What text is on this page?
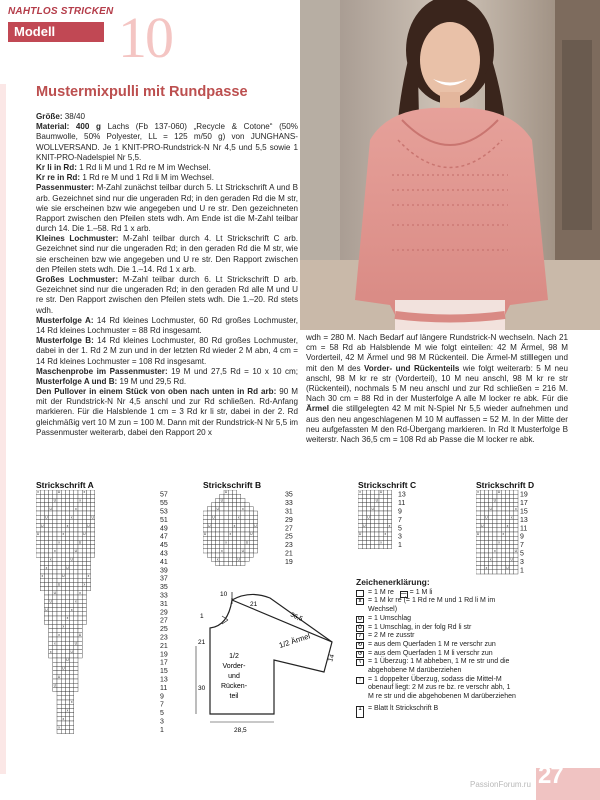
NAHTLOS STRICKEN
Modell 10
Mustermixpulli mit Rundpasse

Größe: 38/40

Material: 400 g Lachs (Fb 137-060) „Recycle & Cotone“ (50% Baumwolle, 50% Polyester, LL = 125 m/50 g) von JUNGHANS-WOLLVERSAND. Je 1 KNIT-PRO-Rundstrick-N Nr 4,5 und 5,5 sowie 1 KNIT-PRO-Nadelspiel Nr 5,5.

Kr li in Rd: 1 Rd li M und 1 Rd re M im Wechsel.

Kr re in Rd: 1 Rd re M und 1 Rd li M im Wechsel.

Passenmuster: M-Zahl zunächst teilbar durch 5. Lt Strickschrift A und B arb. Gezeichnet sind nur die ungeraden Rd; in den geraden Rd die M str, wie sie erscheinen bzw wie angegeben und U re str. Den gezeichneten Rapport zwischen den Pfeilen stets wdh. Am Ende ist die M-Zahl teilbar durch 14. Die 1.–58. Rd 1 x arb.

Kleines Lochmuster: M-Zahl teilbar durch 4. Lt Strickschrift C arb. Gezeichnet sind nur die ungeraden Rd; in den geraden Rd die M str, wie sie erscheinen bzw wie angegeben und U re str. Den Rapport zwischen den Pfeilen stets wdh. Die 1.–14. Rd 1 x arb.

Großes Lochmuster: M-Zahl teilbar durch 6. Lt Strickschrift D arb. Gezeichnet sind nur die ungeraden Rd; in den geraden Rd alle M und U re str. Den Rapport zwischen den Pfeilen stets wdh. Die 1.–20. Rd stets wdh.

Musterfolge A: 14 Rd kleines Lochmuster, 60 Rd großes Lochmuster, 14 Rd kleines Lochmuster = 88 Rd insgesamt.

Musterfolge B: 14 Rd kleines Lochmuster, 80 Rd großes Lochmuster, dabei in der 1. Rd 2 M zun und in der letzten Rd wieder 2 M abn, 4 cm = 14 Rd kleines Lochmuster = 108 Rd insgesamt.

Maschenprobe im Passenmuster: 19 M und 27,5 Rd = 10 x 10 cm; Musterfolge A und B: 19 M und 29,5 Rd.

Den Pullover in einem Stück von oben nach unten in Rd arb: 90 M mit der Rundstrick-N Nr 4,5 anschl und zur Rd schließen. Rd-Anfang markieren. Für die Halsblende 1 cm = 3 Rd kr li str, dabei in der 2. Rd gleichmäßig vert 10 M zun = 100 M. Dann mit der Rundstrick-N Nr 5,5 im Passenmuster weiterarb, dabei den Rapport 20 x

wdh = 280 M. Nach Bedarf auf längere Rundstrick-N wechseln. Nach 21 cm = 58 Rd ab Halsblende M wie folgt einteilen: 42 M Ärmel, 98 M Vorderteil, 42 M Ärmel und 98 M Rückenteil. Die Ärmel-M stilllegen und mit den M des Vorder- und Rückenteils wie folgt weiterarb: 5 M neu anschl, 98 M kr re str (Vorderteil), 10 M neu anschl, 98 M kr re str (Rückenteil), nochmals 5 M neu anschl und zur Rd schließen = 216 M. Nach 30 cm = 88 Rd in der Musterfolge A alle M locker re abk. Für die Ärmel die stillgelegten 42 M mit N-Spiel Nr 5,5 wieder aufnehmen und aus den neu angeschlagenen M 10 M auffassen = 52 M. In der Mitte der neu aufgefassten M den Rd-Übergang markieren. In Rd lt Musterfolge B weiterstr. Nach 36,5 cm = 108 Rd ab Passe die M locker re abk.

Strickschrift A	Strickschrift B	Strickschrift C	Strickschrift D
x	U	x
U	x
U	x
U	x	U
U	x	U
U	x	U
x	U
x	U
x	U
x	U
x	U	x
U	x
U	x
U	x
U	x
x
x
x	U
x	U
x	U
U
U
U
U
x
x
x
x
57
55
53
51
49
47
45
43
41
39
37
35
33
31
29
27
25
23
21
19
17
15
13
11
9
7
5
3
1
U
U
U	x
U	x
U	x	U
U	x	U
x	U
x	U
x	U
35
33
31
29
27
25
23
21
19
x	U
U
U
U
U	x
U	x
x
13
11
9
7
5
3
1
x	U
U
U	x
U	x
U	x
U	x
x
x	U
x	U
x	U
19
17
15
13
11
9
7
5
3
1
10
21
36,5
1
21
30
28,5
14
1/2 Ärmel
1/2
Vorder-
und
Rücken-
teil
Zeichenerklärung:
= 1 M re — = 1 M li
x = 1 M kr re (= 1 Rd re M und 1 Rd li M im Wechsel)
U = 1 Umschlag
Ü = 1 Umschlag, in der folg Rd li str
/	= 2 M re zusstr
↻ = aus dem Querfaden 1 M re verschr zun
↺ = aus dem Querfaden 1 M li verschr zun
\	= 1 Überzug: 1 M abheben, 1 M re str und die abgehobene M darüberziehen
↑ = 1 doppelter Überzug, sodass die Mittel-M obenauf liegt: 2 M zus re bz. re verschr abh, 1 M re str und die abgehobenen M darüberziehen
1 = Blatt lt Strickschrift B
27
PassionForum.ru
